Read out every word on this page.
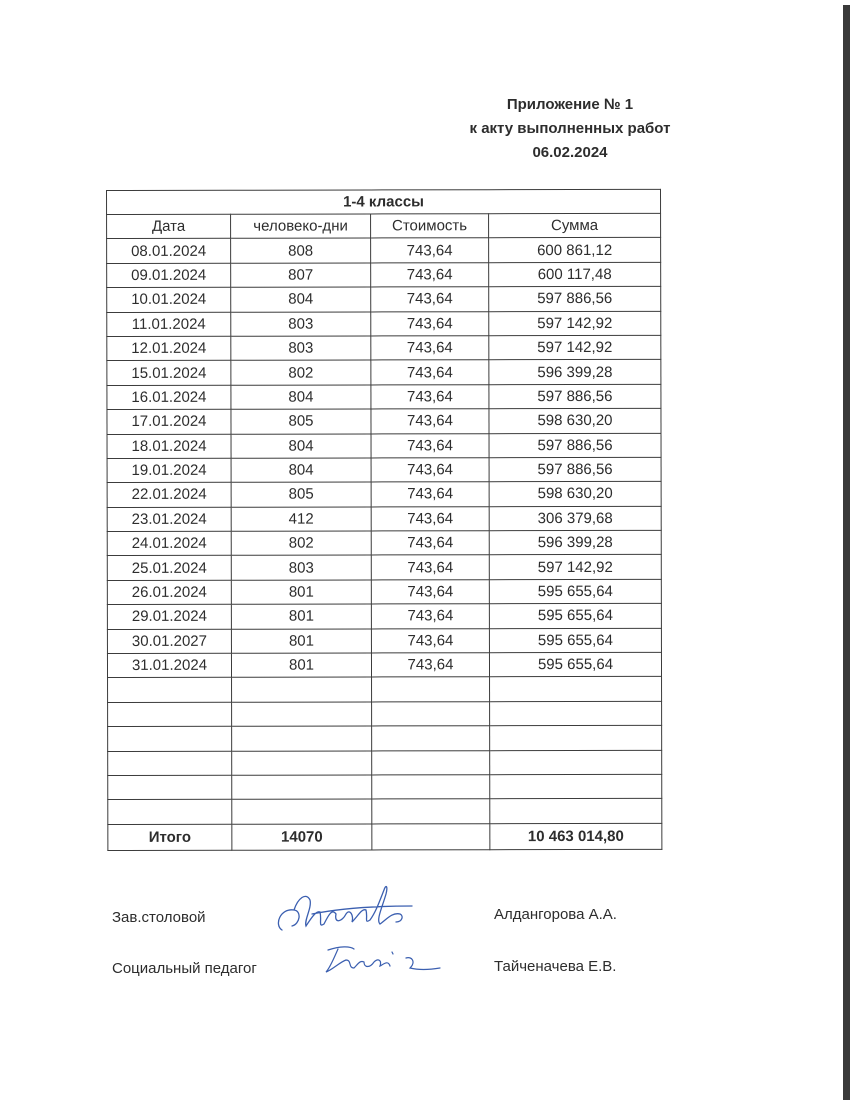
Приложение № 1
к акту выполненных работ
06.02.2024
1-4 классы			
Дата	человеко-дни	Стоимость	Сумма
08.01.2024	808	743,64	600 861,12
09.01.2024	807	743,64	600 117,48
10.01.2024	804	743,64	597 886,56
11.01.2024	803	743,64	597 142,92
12.01.2024	803	743,64	597 142,92
15.01.2024	802	743,64	596 399,28
16.01.2024	804	743,64	597 886,56
17.01.2024	805	743,64	598 630,20
18.01.2024	804	743,64	597 886,56
19.01.2024	804	743,64	597 886,56
22.01.2024	805	743,64	598 630,20
23.01.2024	412	743,64	306 379,68
24.01.2024	802	743,64	596 399,28
25.01.2024	803	743,64	597 142,92
26.01.2024	801	743,64	595 655,64
29.01.2024	801	743,64	595 655,64
30.01.2027	801	743,64	595 655,64
31.01.2024	801	743,64	595 655,64

Итого	14070		10 463 014,80
Зав.столовой	Алдангорова А.А.
Социальный педагог	Тайченачева Е.В.
